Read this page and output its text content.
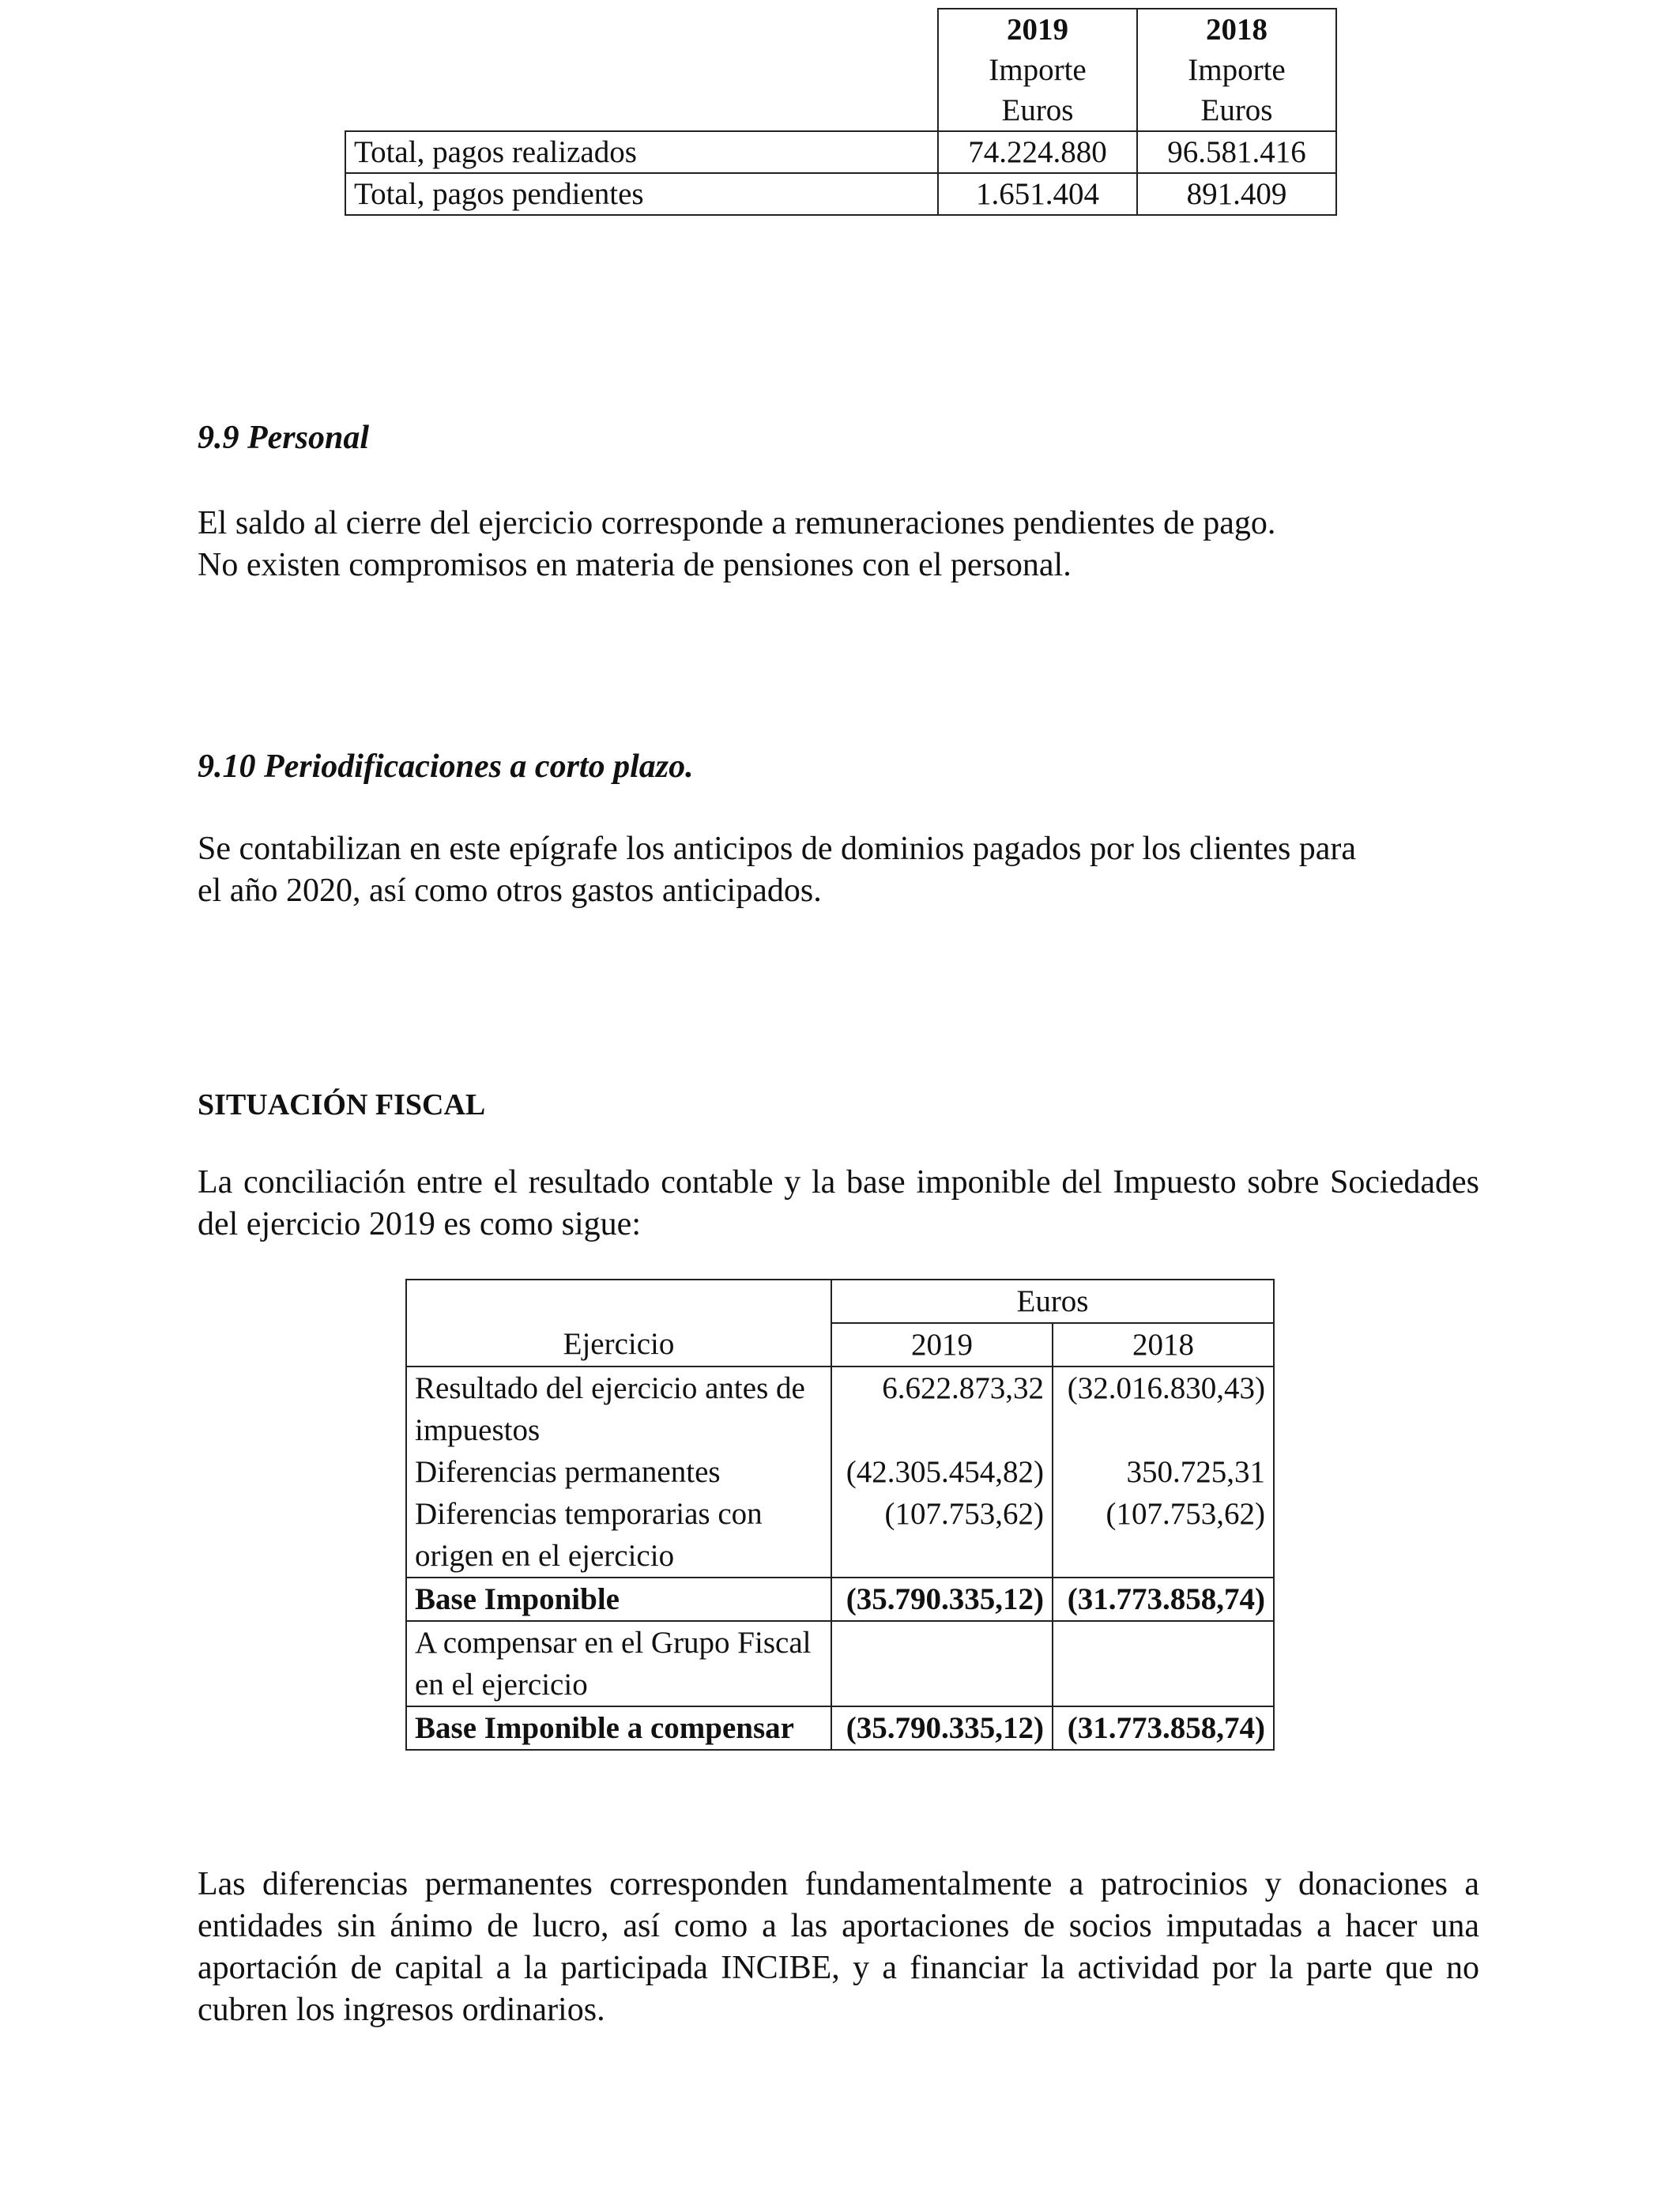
	2019	2018
	Importe	Importe
	Euros	Euros
Total, pagos realizados	74.224.880	96.581.416
Total, pagos pendientes	1.651.404	891.409
9.9 Personal
El saldo al cierre del ejercicio corresponde a remuneraciones pendientes de pago.
No existen compromisos en materia de pensiones con el personal.
9.10 Periodificaciones a corto plazo.
Se contabilizan en este epígrafe los anticipos de dominios pagados por los clientes para
el año 2020, así como otros gastos anticipados.
SITUACIÓN FISCAL
La conciliación entre el resultado contable y la base imponible del Impuesto sobre Sociedades del ejercicio 2019 es como sigue:
	Euros	
Ejercicio	2019	2018
Resultado del ejercicio antes de impuestos	6.622.873,32	(32.016.830,43)
Diferencias permanentes	(42.305.454,82)	350.725,31
Diferencias temporarias con origen en el ejercicio	(107.753,62)	(107.753,62)
Base Imponible	(35.790.335,12)	(31.773.858,74)
A compensar en el Grupo Fiscal en el ejercicio		
Base Imponible a compensar	(35.790.335,12)	(31.773.858,74)
Las diferencias permanentes corresponden fundamentalmente a patrocinios y donaciones a entidades sin ánimo de lucro, así como a las aportaciones de socios imputadas a hacer una aportación de capital a la participada INCIBE, y a financiar la actividad por la parte que no cubren los ingresos ordinarios.
